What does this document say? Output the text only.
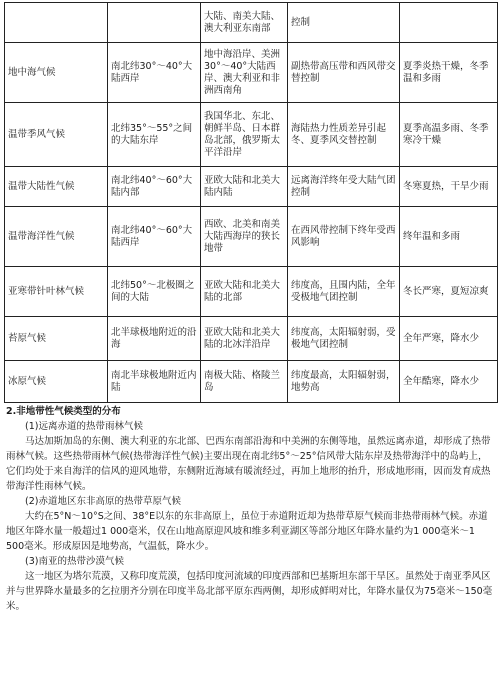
		大陆、南美大陆、澳大利亚东南部	控制	
地中海气候	南北纬30°～40°大陆西岸	地中海沿岸、美洲30°～40°大陆西岸、澳大利亚和非洲西南角	副热带高压带和西风带交替控制	夏季炎热干燥，冬季温和多雨
温带季风气候	北纬35°～55°之间的大陆东岸	我国华北、东北、朝鲜半岛、日本群岛北部，俄罗斯太平洋沿岸	海陆热力性质差异引起冬、夏季风交替控制	夏季高温多雨、冬季寒冷干燥
温带大陆性气候	南北纬40°～60°大陆内部	亚欧大陆和北美大陆内陆	远离海洋终年受大陆气团控制	冬寒夏热，干旱少雨
温带海洋性气候	南北纬40°～60°大陆西岸	西欧、北美和南美大陆西海岸的狭长地带	在西风带控制下终年受西风影响	终年温和多雨
亚寒带针叶林气候	北纬50°～北极圈之间的大陆	亚欧大陆和北美大陆的北部	纬度高，且围内陆，全年受极地气团控制	冬长严寒，夏短凉爽
苔原气候	北半球极地附近的沿海	亚欧大陆和北美大陆的北冰洋沿岸	纬度高，太阳辐射弱，受极地气团控制	全年严寒，降水少
冰原气候	南北半球极地附近内陆	南极大陆、格陵兰岛	纬度最高，太阳辐射弱，地势高	全年酷寒，降水少
2.非地带性气候类型的分布
(1)远离赤道的热带雨林气候
马达加斯加岛的东侧、澳大利亚的东北部、巴西东南部沿海和中美洲的东侧等地，虽然远离赤道，却形成了热带雨林气候。这些热带雨林气候(热带海洋性气候)主要出现在南北纬5°～25°信风带大陆东岸及热带海洋中的岛屿上，它们均处于来自海洋的信风的迎风地带，东侧附近海域有暖流经过，再加上地形的抬升，形成地形雨，因而发育成热带海洋性雨林气候。
(2)赤道地区东非高原的热带草原气候
大约在5°N～10°S之间、38°E以东的东非高原上，虽位于赤道附近却为热带草原气候而非热带雨林气候。赤道地区年降水量一般超过1 000毫米，仅在山地高原迎风坡和维多利亚湖区等部分地区年降水量约为1 000毫米～1 500毫米。形成原因是地势高，气温低，降水少。
(3)南亚的热带沙漠气候
这一地区为塔尔荒漠，又称印度荒漠，包括印度河流域的印度西部和巴基斯坦东部干旱区。虽然处于南亚季风区并与世界降水量最多的乞拉朋齐分别在印度半岛北部平原东西两侧，却形成鲜明对比，年降水量仅为75毫米～150毫米。
